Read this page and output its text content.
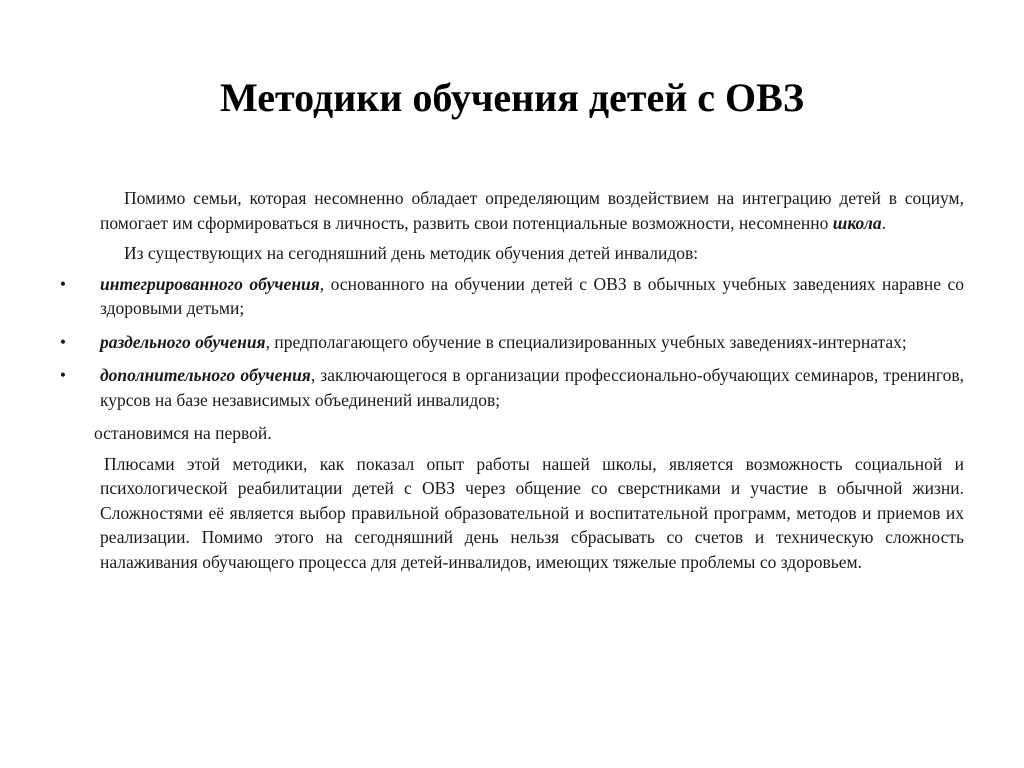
Методики обучения детей с ОВЗ

Помимо семьи, которая несомненно обладает определяющим воздействием на интеграцию детей в социум, помогает им сформироваться в личность, развить свои потенциальные возможности, несомненно школа.

Из существующих на сегодняшний день методик обучения детей инвалидов:

• интегрированного обучения, основанного на обучении детей с ОВЗ в обычных учебных заведениях наравне со здоровыми детьми;
• раздельного обучения, предполагающего обучение в специализированных учебных заведениях-интернатах;
• дополнительного обучения, заключающегося в организации профессионально-обучающих семинаров, тренингов, курсов на базе независимых объединений инвалидов;

остановимся на первой.

Плюсами этой методики, как показал опыт работы нашей школы, является возможность социальной и психологической реабилитации детей с ОВЗ через общение со сверстниками и участие в обычной жизни. Сложностями её является выбор правильной образовательной и воспитательной программ, методов и приемов их реализации. Помимо этого на сегодняшний день нельзя сбрасывать со счетов и техническую сложность налаживания обучающего процесса для детей-инвалидов, имеющих тяжелые проблемы со здоровьем.
